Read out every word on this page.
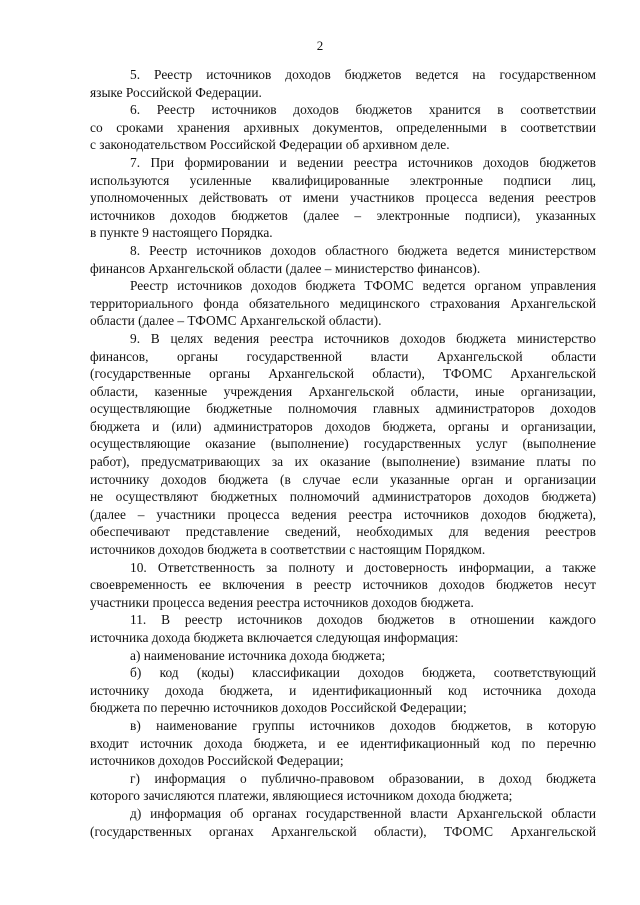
2

5. Реестр источников доходов бюджетов ведется на государственном
языке Российской Федерации.

6. Реестр источников доходов бюджетов хранится в соответствии
со сроками хранения архивных документов, определенными в соответствии
с законодательством Российской Федерации об архивном деле.

7. При формировании и ведении реестра источников доходов бюджетов
используются усиленные квалифицированные электронные подписи лиц,
уполномоченных действовать от имени участников процесса ведения реестров
источников доходов бюджетов (далее – электронные подписи), указанных
в пункте 9 настоящего Порядка.

8. Реестр источников доходов областного бюджета ведется министерством
финансов Архангельской области (далее – министерство финансов).

Реестр источников доходов бюджета ТФОМС ведется органом управления
территориального фонда обязательного медицинского страхования Архангельской
области (далее – ТФОМС Архангельской области).

9. В целях ведения реестра источников доходов бюджета министерство
финансов, органы государственной власти Архангельской области
(государственные органы Архангельской области), ТФОМС Архангельской
области, казенные учреждения Архангельской области, иные организации,
осуществляющие бюджетные полномочия главных администраторов доходов
бюджета и (или) администраторов доходов бюджета, органы и организации,
осуществляющие оказание (выполнение) государственных услуг (выполнение
работ), предусматривающих за их оказание (выполнение) взимание платы по
источнику доходов бюджета (в случае если указанные орган и организации
не осуществляют бюджетных полномочий администраторов доходов бюджета)
(далее – участники процесса ведения реестра источников доходов бюджета),
обеспечивают представление сведений, необходимых для ведения реестров
источников доходов бюджета в соответствии с настоящим Порядком.

10. Ответственность за полноту и достоверность информации, а также
своевременность ее включения в реестр источников доходов бюджетов несут
участники процесса ведения реестра источников доходов бюджета.

11. В реестр источников доходов бюджетов в отношении каждого
источника дохода бюджета включается следующая информация:

а) наименование источника дохода бюджета;

б) код (коды) классификации доходов бюджета, соответствующий
источнику дохода бюджета, и идентификационный код источника дохода
бюджета по перечню источников доходов Российской Федерации;

в) наименование группы источников доходов бюджетов, в которую
входит источник дохода бюджета, и ее идентификационный код по перечню
источников доходов Российской Федерации;

г) информация о публично-правовом образовании, в доход бюджета
которого зачисляются платежи, являющиеся источником дохода бюджета;

д) информация об органах государственной власти Архангельской области
(государственных органах Архангельской области), ТФОМС Архангельской
